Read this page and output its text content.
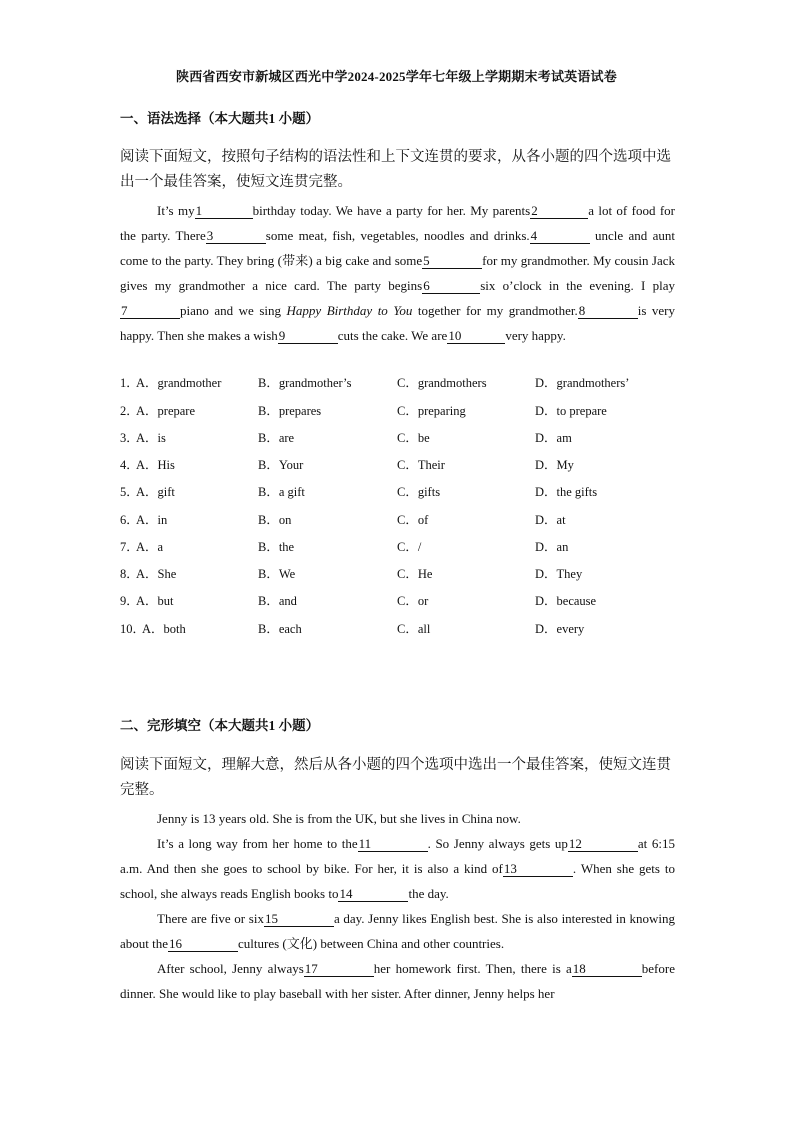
陕西省西安市新城区西光中学2024-2025学年七年级上学期期末考试英语试卷
一、语法选择（本大题共1 小题）
阅读下面短文，按照句子结构的语法性和上下文连贯的要求，从各小题的四个选项中选出一个最佳答案，使短文连贯完整。
It’s my1	birthday today. We have a party for her. My parents2	a lot of food for the party. There3	some meat, fish, vegetables, noodles and drinks.4	uncle and aunt come to the party. They bring (带来) a big cake and some5	for my grandmother. My cousin Jack gives my grandmother a nice card. The party begins6	six o’clock in the evening. I play7	piano and we sing Happy Birthday to You together for my grandmother.8	is very happy. Then she makes a wish9	cuts the cake. We are10	very happy.
1．
A．grandmother	B．grandmother’s	C．grandmothers	D．grandmothers’
2．
A．prepare	B．prepares	C．preparing	D．to prepare
3．
A．is	B．are	C．be	D．am
4．
A．His	B．Your	C．Their	D．My
5．
A．gift	B．a gift	C．gifts	D．the gifts
6．
A．in	B．on	C．of	D．at
7．
A．a	B．the	C．/	D．an
8．
A．She	B．We	C．He	D．They
9．
A．but	B．and	C．or	D．because
10．
A．both	B．each	C．all	D．every
二、完形填空（本大题共1 小题）
阅读下面短文，理解大意，然后从各小题的四个选项中选出一个最佳答案，使短文连贯完整。
Jenny is 13 years old. She is from the UK, but she lives in China now.
It’s a long way from her home to the11	. So Jenny always gets up12	at 6:15 a.m. And then she goes to school by bike. For her, it is also a kind of13	. When she gets to school, she always reads English books to14	the day.
There are five or six15	a day. Jenny likes English best. She is also interested in knowing about the16	cultures (文化) between China and other countries.
After school, Jenny always17	her homework first. Then, there is a18	before dinner. She would like to play baseball with her sister. After dinner, Jenny helps her
